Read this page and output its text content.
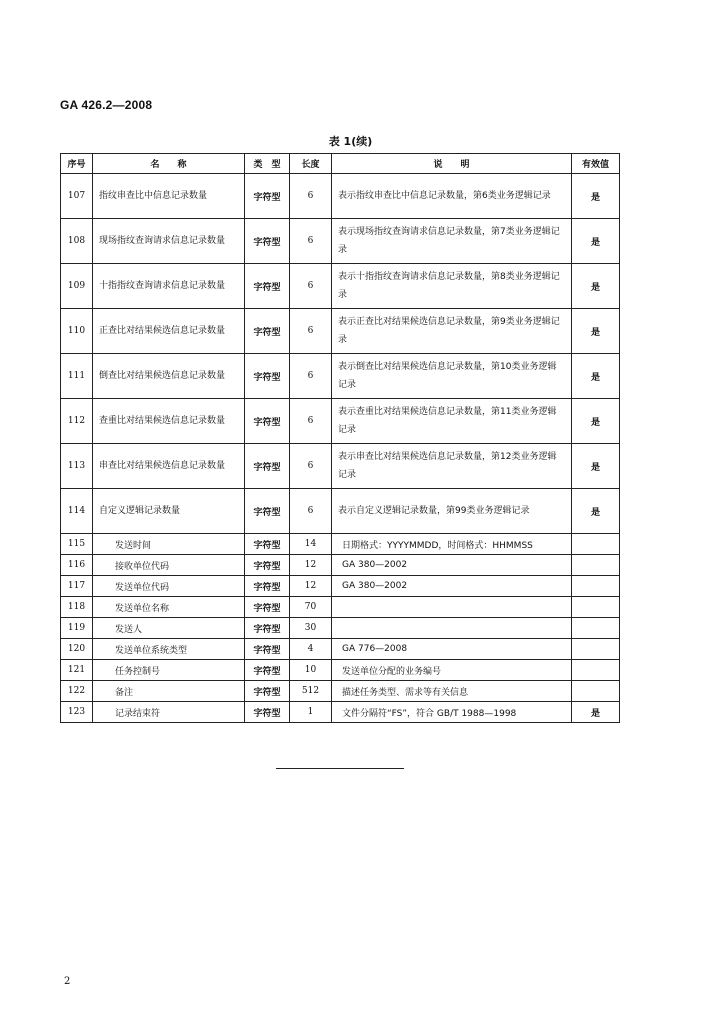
GA 426.2—2008
表 1(续)
序号	名　　称	类　型	长度	说　　明	有效值
107	指纹串查比中信息记录数量	字符型	6	表示指纹串查比中信息记录数量，第6类业务逻辑记录	是
108	现场指纹查询请求信息记录数量	字符型	6	表示现场指纹查询请求信息记录数量，第7类业务逻辑记录	是
109	十指指纹查询请求信息记录数量	字符型	6	表示十指指纹查询请求信息记录数量，第8类业务逻辑记录	是
110	正查比对结果候选信息记录数量	字符型	6	表示正查比对结果候选信息记录数量，第9类业务逻辑记录	是
111	倒查比对结果候选信息记录数量	字符型	6	表示倒查比对结果候选信息记录数量，第10类业务逻辑记录	是
112	查重比对结果候选信息记录数量	字符型	6	表示查重比对结果候选信息记录数量，第11类业务逻辑记录	是
113	串查比对结果候选信息记录数量	字符型	6	表示串查比对结果候选信息记录数量，第12类业务逻辑记录	是
114	自定义逻辑记录数量	字符型	6	表示自定义逻辑记录数量，第99类业务逻辑记录	是
115	发送时间	字符型	14	日期格式：YYYYMMDD，时间格式：HHMMSS	
116	接收单位代码	字符型	12	GA 380—2002	
117	发送单位代码	字符型	12	GA 380—2002	
118	发送单位名称	字符型	70		
119	发送人	字符型	30		
120	发送单位系统类型	字符型	4	GA 776—2008	
121	任务控制号	字符型	10	发送单位分配的业务编号	
122	备注	字符型	512	描述任务类型、需求等有关信息	
123	记录结束符	字符型	1	文件分隔符“FS”，符合 GB/T 1988—1998	是
2
